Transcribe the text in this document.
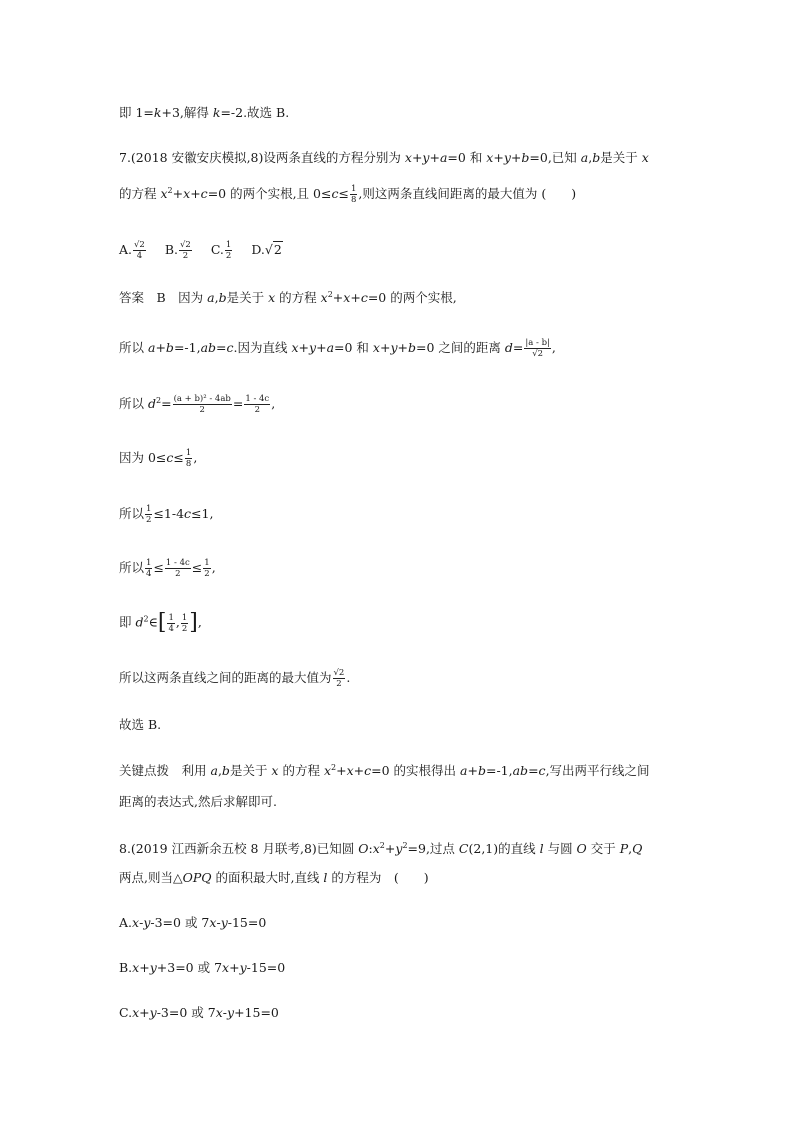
即 1=k+3,解得 k=-2.故选 B.
7.(2018 安徽安庆模拟,8)设两条直线的方程分别为 x+y+a=0 和 x+y+b=0,已知 a,b是关于 x
的方程 $x^2+x+c=0$ 的两个实根,且 $0\le c\le \frac{1}{8}$ ,则这两条直线间距离的最大值为 (　　)
A. $\frac{√2}{4} B$. $\frac{√2}{2} C$. $\frac{1}{2} D.√2$
答案　B　因为 a,b是关于 x 的方程 $x^2+x+c=0$ 的两个实根,
所以 a+b=-1,ab=c.因为直线 x+y+a=0 和 x+y+b=0 之间的距离 $d= \frac{|a - b|}{√2}$ ,
所以 $d^2= \frac{\text{(a + b)² - 4ab}}{2} = \frac{1 - 4c}{2}$ ,
因为 $0\le c\le \frac{1}{8}$ ,
所以 $\frac{1}{2} \le 1-4c\le 1$,
所以 $\frac{1}{4} \le \frac{1 - 4c}{2} \le \frac{1}{2}$ ,
即 $d^2\in[ \frac{1}{4}$ , $\frac{1}{2}$ ],
所以这两条直线之间的距离的最大值为 $\frac{√2}{2}$ .
故选 B.
关键点拨　利用 a,b是关于 x 的方程 $x^2+x+c=0$ 的实根得出 a+b=-1,ab=c,写出两平行线之间
距离的表达式,然后求解即可.
8.(2019 江西新余五校 8 月联考,8)已知圆 $O:x^2+y^2=9$,过点 C(2,1)的直线 l 与圆 O 交于 P,Q
两点,则当△OPQ 的面积最大时,直线 l 的方程为　(　　)
A.x-y-3=0 或 7x-y-15=0
B.x+y+3=0 或 7x+y-15=0
C.x+y-3=0 或 7x-y+15=0
